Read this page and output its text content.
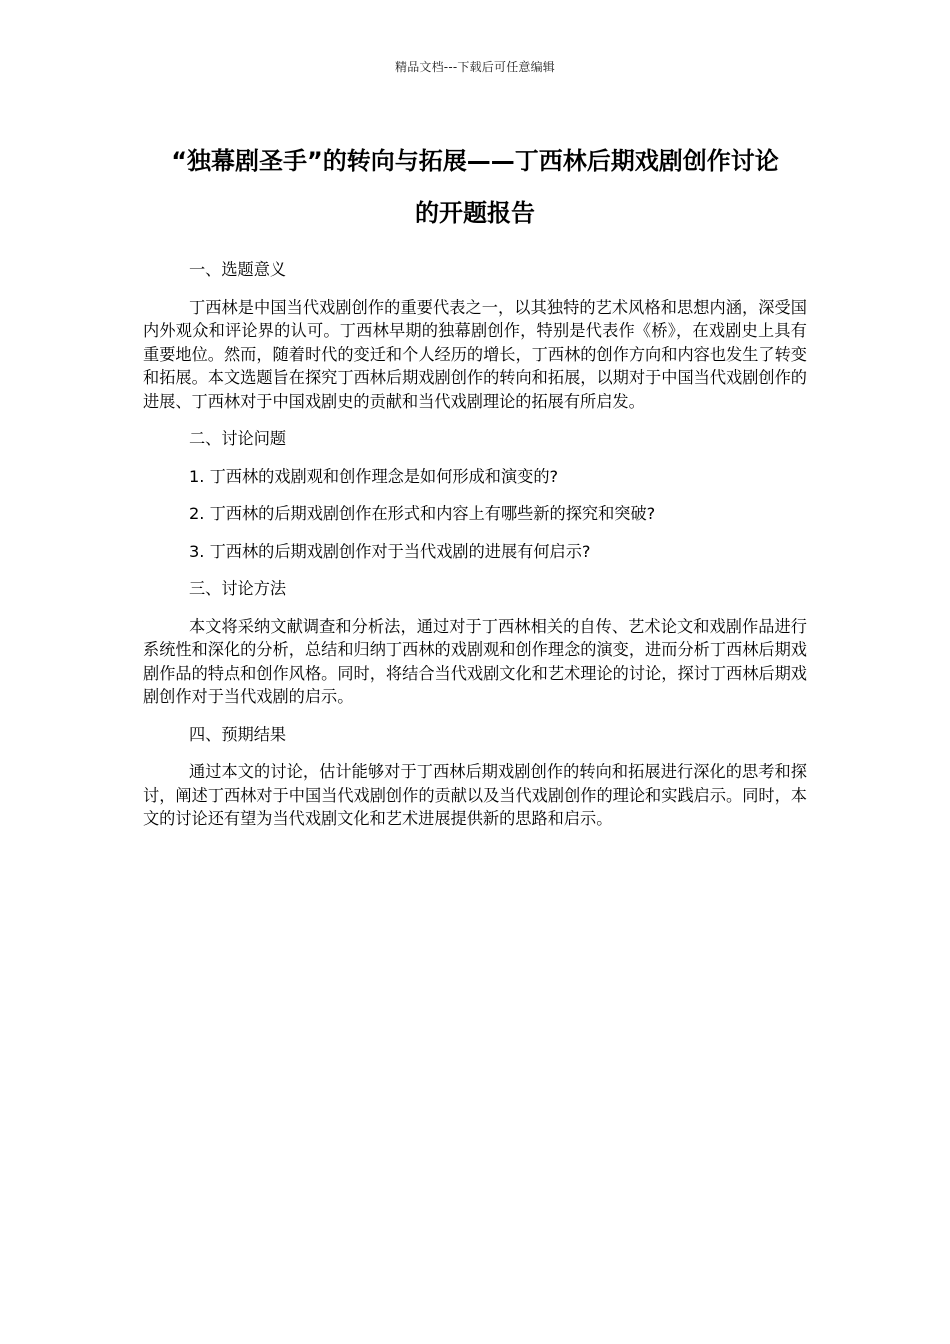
精品文档---下载后可任意编辑
“独幕剧圣手”的转向与拓展——丁西林后期戏剧创作讨论
的开题报告

一、选题意义

丁西林是中国当代戏剧创作的重要代表之一，以其独特的艺术风格和思想内涵，深受国内外观众和评论界的认可。丁西林早期的独幕剧创作，特别是代表作《桥》，在戏剧史上具有重要地位。然而，随着时代的变迁和个人经历的增长，丁西林的创作方向和内容也发生了转变和拓展。本文选题旨在探究丁西林后期戏剧创作的转向和拓展，以期对于中国当代戏剧创作的进展、丁西林对于中国戏剧史的贡献和当代戏剧理论的拓展有所启发。

二、讨论问题

1. 丁西林的戏剧观和创作理念是如何形成和演变的?

2. 丁西林的后期戏剧创作在形式和内容上有哪些新的探究和突破?

3. 丁西林的后期戏剧创作对于当代戏剧的进展有何启示?

三、讨论方法

本文将采纳文献调查和分析法，通过对于丁西林相关的自传、艺术论文和戏剧作品进行系统性和深化的分析，总结和归纳丁西林的戏剧观和创作理念的演变，进而分析丁西林后期戏剧作品的特点和创作风格。同时，将结合当代戏剧文化和艺术理论的讨论，探讨丁西林后期戏剧创作对于当代戏剧的启示。

四、预期结果

通过本文的讨论，估计能够对于丁西林后期戏剧创作的转向和拓展进行深化的思考和探讨，阐述丁西林对于中国当代戏剧创作的贡献以及当代戏剧创作的理论和实践启示。同时，本文的讨论还有望为当代戏剧文化和艺术进展提供新的思路和启示。
